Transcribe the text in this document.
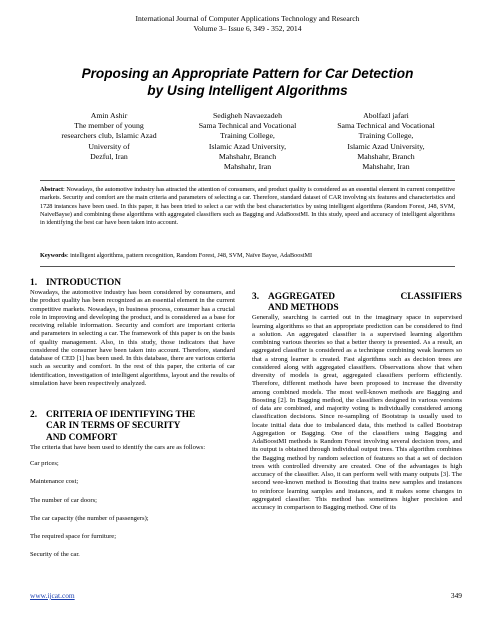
International Journal of Computer Applications Technology and Research
Volume 3– Issue 6, 349 - 352, 2014
Proposing an Appropriate Pattern for Car Detection
by Using Intelligent Algorithms
Amin Ashir
The member of young
researchers club, Islamic Azad
University of
Dezful, Iran
Sedigheh Navaezadeh
Sama Technical and Vocational
Training College,
Islamic Azad University,
Mahshahr, Branch
Mahshahr, Iran
Abolfazl jafari
Sama Technical and Vocational
Training College,
Islamic Azad University,
Mahshahr, Branch
Mahshahr, Iran
Abstract: Nowadays, the automotive industry has attracted the attention of consumers, and product quality is considered as an essential element in current competitive markets. Security and comfort are the main criteria and parameters of selecting a car. Therefore, standard dataset of CAR involving six features and characteristics and 1728 instances have been used. In this paper, it has been tried to select a car with the best characteristics by using intelligent algorithms (Random Forest, J48, SVM, NaiveBayse) and combining these algorithms with aggregated classifiers such as Bagging and AdaBoostMI. In this study, speed and accuracy of intelligent algorithms in identifying the best car have been taken into account.
Keywords: intelligent algorithms, pattern recognition, Random Forest, J48, SVM, Naïve Bayse, AdaBoostMI
1. INTRODUCTION

Nowadays, the automotive industry has been considered by consumers, and the product quality has been recognized as an essential element in the current competitive markets. Nowadays, in business process, consumer has a crucial role in improving and developing the product, and is considered as a base for receiving reliable information. Security and comfort are important criteria and parameters in selecting a car. The framework of this paper is on the basis of quality management. Also, in this study, those indicators that have considered the consumer have been taken into account. Therefore, standard database of CED [1] has been used. In this database, there are various criteria such as security and comfort. In the rest of this paper, the criteria of car identification, investigation of intelligent algorithms, layout and the results of simulation have been respectively analyzed.

2. CRITERIA OF IDENTIFYING THE
CAR IN TERMS OF SECURITY
AND COMFORT

The criteria that have been used to identify the cars are as follows:

Car prices;

Maintenance cost;

The number of car doors;

The car capacity (the number of passengers);

The required space for furniture;

Security of the car.

3. AGGREGATED	CLASSIFIERS
AND METHODS

Generally, searching is carried out in the imaginary space in supervised learning algorithms so that an appropriate prediction can be considered to find a solution. An aggregated classifier is a supervised learning algorithm combining various theories so that a better theory is presented. As a result, an aggregated classifier is considered as a technique combining weak learners so that a strong learner is created. Fast algorithms such as decision trees are considered along with aggregated classifiers. Observations show that when diversity of models is great, aggregated classifiers perform efficiently. Therefore, different methods have been proposed to increase the diversity among combined models. The most well-known methods are Bagging and Boosting [2]. In Bagging method, the classifiers designed in various versions of data are combined, and majority voting is individually considered among classification decisions. Since re-sampling of Bootstrap is usually used to locate initial data due to imbalanced data, this method is called Bootstrap Aggregation or Bagging. One of the classifiers using Bagging and AdaBoostMI methods is Random Forest involving several decision trees, and its output is obtained through individual output trees. This algorithm combines the Bagging method by random selection of features so that a set of decision trees with controlled diversity are created. One of the advantages is high accuracy of the classifier. Also, it can perform well with many outputs [3]. The second wee-known method is Boosting that trains new samples and instances to reinforce learning samples and instances, and it makes some changes in aggregated classifier. This method has sometimes higher precision and accuracy in comparison to Bagging method. One of its

www.ijcat.com	349
